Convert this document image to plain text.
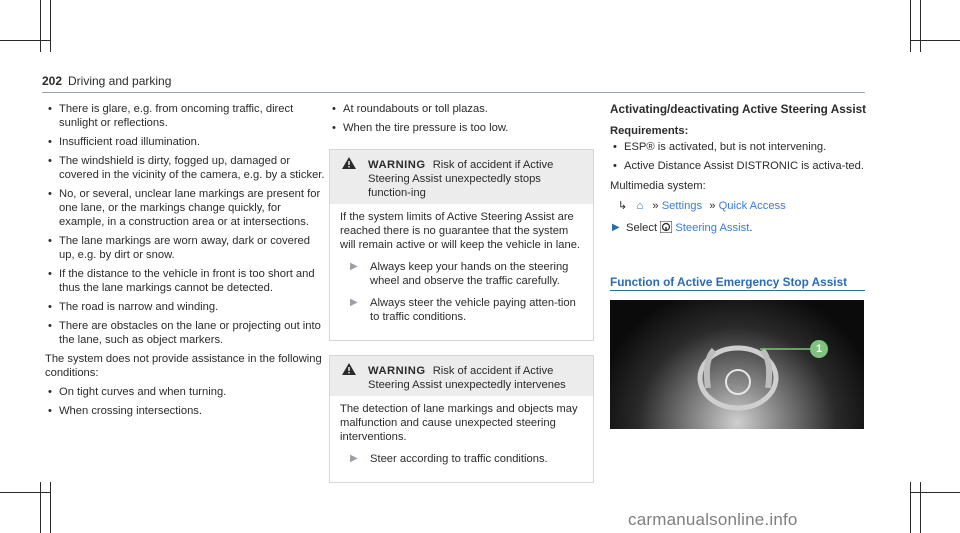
202 Driving and parking
• There is glare, e.g. from oncoming traffic, direct sunlight or reflections.
• Insufficient road illumination.
• The windshield is dirty, fogged up, damaged or covered in the vicinity of the camera, e.g. by a sticker.
• No, or several, unclear lane markings are present for one lane, or the markings change quickly, for example, in a construction area or at intersections.
• The lane markings are worn away, dark or covered up, e.g. by dirt or snow.
• If the distance to the vehicle in front is too short and thus the lane markings cannot be detected.
• The road is narrow and winding.
• There are obstacles on the lane or projecting out into the lane, such as object markers.

The system does not provide assistance in the following conditions:

• On tight curves and when turning.
• When crossing intersections.
• At roundabouts or toll plazas.
• When the tire pressure is too low.
WARNING Risk of accident if Active Steering Assist unexpectedly stops function-ing

If the system limits of Active Steering Assist are reached there is no guarantee that the system will remain active or will keep the vehicle in lane.

▶ Always keep your hands on the steering wheel and observe the traffic carefully.
▶ Always steer the vehicle paying atten-tion to traffic conditions.
WARNING Risk of accident if Active Steering Assist unexpectedly intervenes

The detection of lane markings and objects may malfunction and cause unexpected steering interventions.

▶ Steer according to traffic conditions.
Activating/deactivating Active Steering Assist
Requirements:
• ESP® is activated, but is not intervening.
• Active Distance Assist DISTRONIC is activa-ted.

Multimedia system:

↳ ⌂ » Settings » Quick Access
▶ Select Steering Assist.
Function of Active Emergency Stop Assist
1
carmanualsonline.info
